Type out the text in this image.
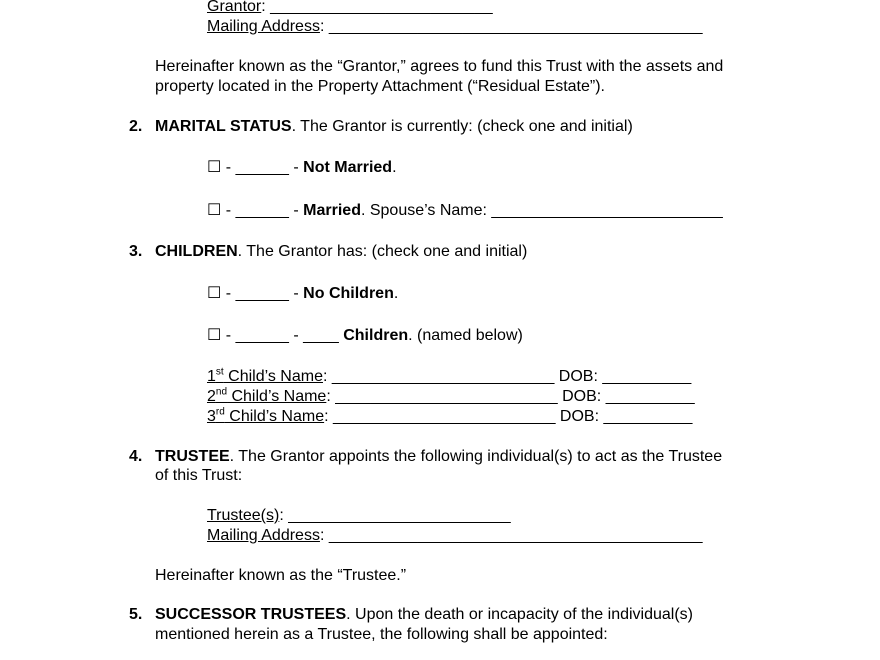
Grantor: _________________________
Mailing Address: __________________________________________
Hereinafter known as the “Grantor,” agrees to fund this Trust with the assets and
property located in the Property Attachment (“Residual Estate”).
2. MARITAL STATUS. The Grantor is currently: (check one and initial)
☐ - ______ - Not Married.
☐ - ______ - Married. Spouse’s Name: __________________________
3. CHILDREN. The Grantor has: (check one and initial)
☐ - ______ - No Children.
☐ - ______ - ____ Children. (named below)
1st Child’s Name: _________________________ DOB: __________
2nd Child’s Name: _________________________ DOB: __________
3rd Child’s Name: _________________________ DOB: __________
4. TRUSTEE. The Grantor appoints the following individual(s) to act as the Trustee
of this Trust:
Trustee(s): _________________________
Mailing Address: __________________________________________
Hereinafter known as the “Trustee.”
5. SUCCESSOR TRUSTEES. Upon the death or incapacity of the individual(s)
mentioned herein as a Trustee, the following shall be appointed:
